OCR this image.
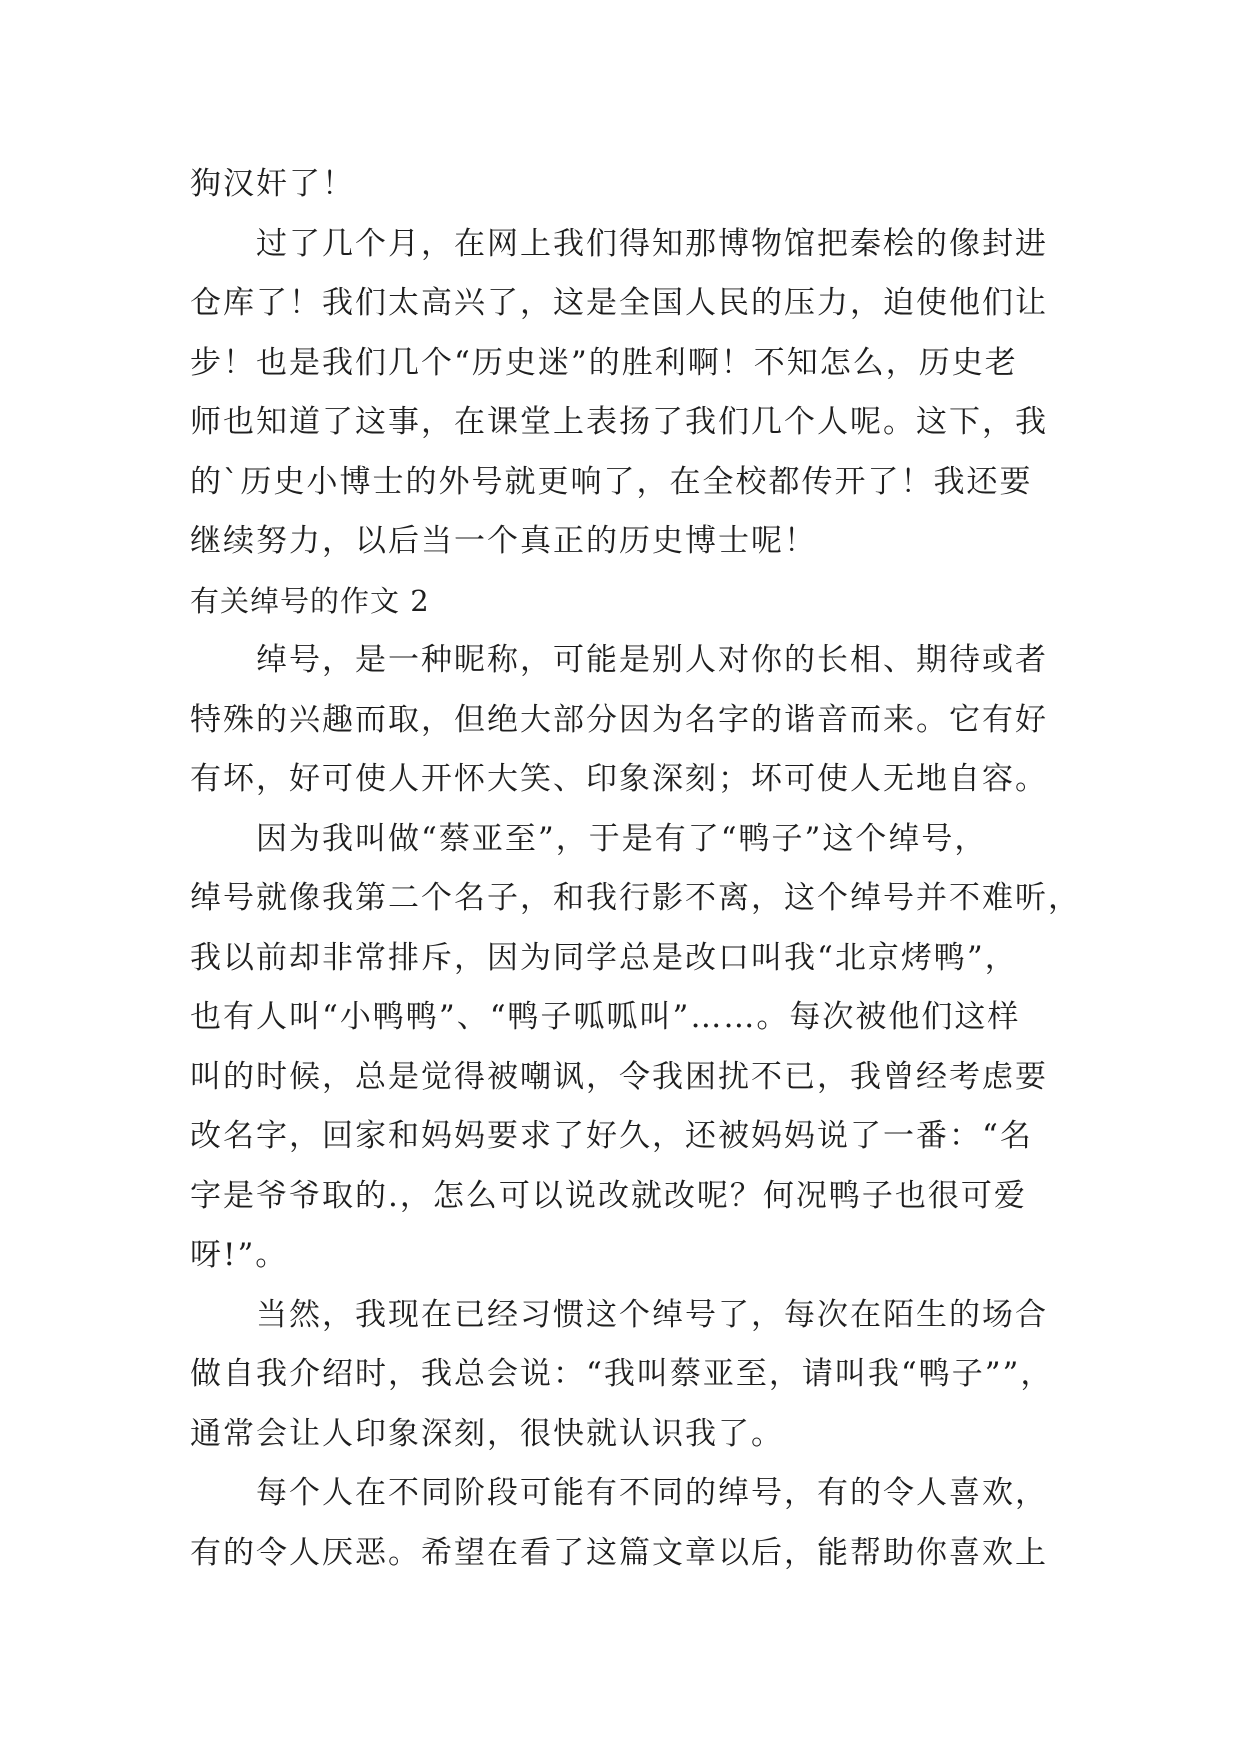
狗汉奸了！
过了几个月，在网上我们得知那博物馆把秦桧的像封进
仓库了！我们太高兴了，这是全国人民的压力，迫使他们让
步！也是我们几个“历史迷”的胜利啊！不知怎么，历史老
师也知道了这事，在课堂上表扬了我们几个人呢。这下，我
的`历史小博士的外号就更响了，在全校都传开了！我还要
继续努力，以后当一个真正的历史博士呢！
有关绰号的作文 2
绰号，是一种昵称，可能是别人对你的长相、期待或者
特殊的兴趣而取，但绝大部分因为名字的谐音而来。它有好
有坏，好可使人开怀大笑、印象深刻；坏可使人无地自容。
因为我叫做“蔡亚至”，于是有了“鸭子”这个绰号，
绰号就像我第二个名子，和我行影不离，这个绰号并不难听，
我以前却非常排斥，因为同学总是改口叫我“北京烤鸭”，
也有人叫“小鸭鸭”、“鸭子呱呱叫”……。每次被他们这样
叫的时候，总是觉得被嘲讽，令我困扰不已，我曾经考虑要
改名字，回家和妈妈要求了好久，还被妈妈说了一番：“名
字是爷爷取的.，怎么可以说改就改呢？何况鸭子也很可爱
呀!”。
当然，我现在已经习惯这个绰号了，每次在陌生的场合
做自我介绍时，我总会说：“我叫蔡亚至，请叫我“鸭子””，
通常会让人印象深刻，很快就认识我了。
每个人在不同阶段可能有不同的绰号，有的令人喜欢，
有的令人厌恶。希望在看了这篇文章以后，能帮助你喜欢上
